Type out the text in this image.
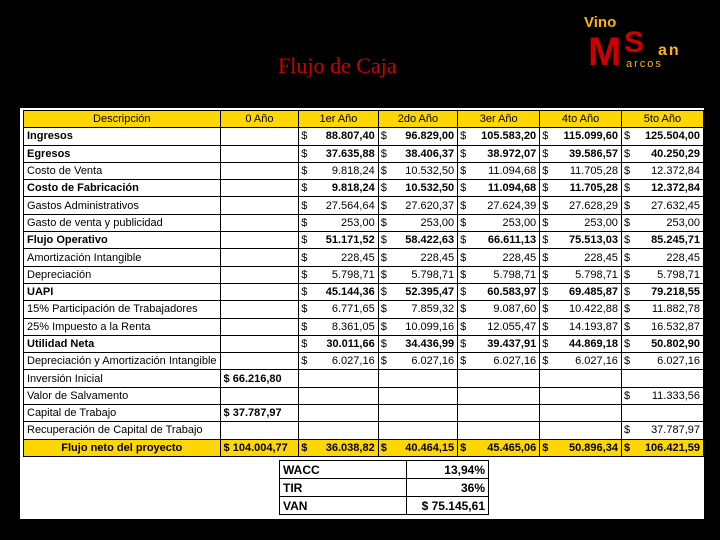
Flujo de Caja
Vino
M S an
arcos
Descripción	0 Año	1er Año		2do Año		3er Año		4to Año		5to Año	
Ingresos		$	88.807,40	$	96.829,00	$	105.583,20	$	115.099,60	$	125.504,00
Egresos		$	37.635,88	$	38.406,37	$	38.972,07	$	39.586,57	$	40.250,29
Costo de Venta		$	9.818,24	$	10.532,50	$	11.094,68	$	11.705,28	$	12.372,84
Costo de Fabricación		$	9.818,24	$	10.532,50	$	11.094,68	$	11.705,28	$	12.372,84
Gastos Administrativos		$	27.564,64	$	27.620,37	$	27.624,39	$	27.628,29	$	27.632,45
Gasto de venta y publicidad		$	253,00	$	253,00	$	253,00	$	253,00	$	253,00
Flujo Operativo		$	51.171,52	$	58.422,63	$	66.611,13	$	75.513,03	$	85.245,71
Amortización Intangible		$	228,45	$	228,45	$	228,45	$	228,45	$	228,45
Depreciación		$	5.798,71	$	5.798,71	$	5.798,71	$	5.798,71	$	5.798,71
UAPI		$	45.144,36	$	52.395,47	$	60.583,97	$	69.485,87	$	79.218,55
15% Participación de Trabajadores		$	6.771,65	$	7.859,32	$	9.087,60	$	10.422,88	$	11.882,78
25% Impuesto a la Renta		$	8.361,05	$	10.099,16	$	12.055,47	$	14.193,87	$	16.532,87
Utilidad Neta		$	30.011,66	$	34.436,99	$	39.437,91	$	44.869,18	$	50.802,90
Depreciación y Amortización Intangible		$	6.027,16	$	6.027,16	$	6.027,16	$	6.027,16	$	6.027,16
Inversión Inicial	$ 66.216,80										
Valor de Salvamento										$	11.333,56
Capital de Trabajo	$ 37.787,97										
Recuperación de Capital de Trabajo										$	37.787,97
Flujo neto del proyecto	$ 104.004,77	$	36.038,82	$	40.464,15	$	45.465,06	$	50.896,34	$	106.421,59
WACC	13,94%
TIR	36%
VAN	$ 75.145,61
